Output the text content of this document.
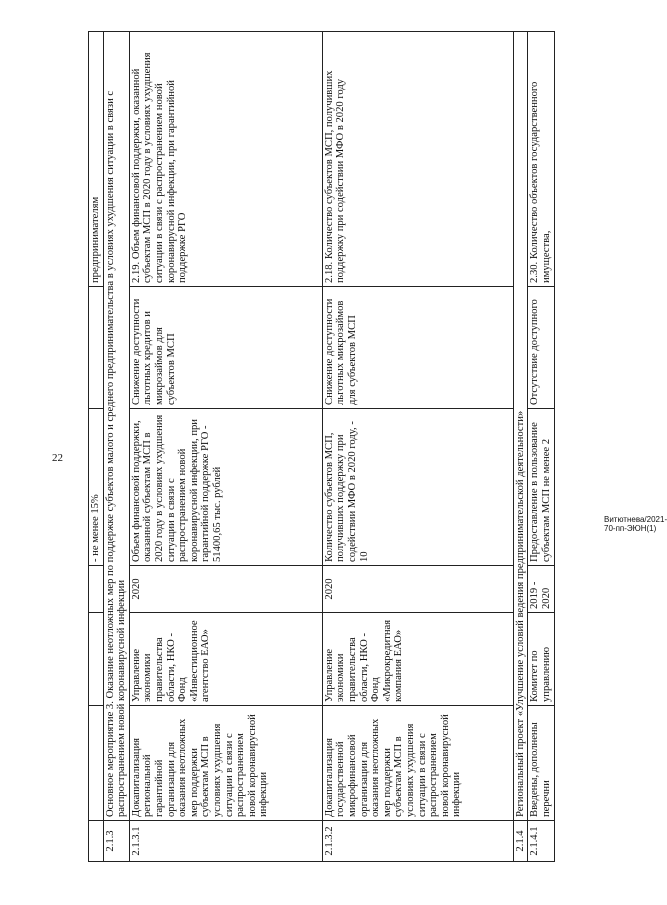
22
Витютнева/2021-70-пп-ЭЮН(1)
				- не менее 15%		предпринимателям
2.1.3	Основное мероприятие 3. Оказание неотложных мер по поддержке субъектов малого и среднего предпринимательства в условиях ухудшения ситуации в связи с распространением новой коронавирусной инфекции					
2.1.3.1	Докапитализация региональной гарантийной организации для оказания неотложных мер поддержки субъектам МСП в условиях ухудшения ситуации в связи с распространением новой коронавирусной инфекции	Управление экономики правительства области, НКО - Фонд «Инвестиционное агентство ЕАО»	2020	Объем финансовой поддержки, оказанной субъектам МСП в 2020 году в условиях ухудшения ситуации в связи с распространением новой коронавирусной инфекции, при гарантийной поддержке РГО - 51400,65 тыс. рублей	Снижение доступности льготных кредитов и микрозаймов для субъектов МСП	2.19. Объем финансовой поддержки, оказанной субъектам МСП в 2020 году в условиях ухудшения ситуации в связи с распространением новой коронавирусной инфекции, при гарантийной поддержке РГО
2.1.3.2	Докапитализация государственной микрофинансовой организации для оказания неотложных мер поддержки субъектам МСП в условиях ухудшения ситуации в связи с распространением новой коронавирусной инфекции	Управление экономики правительства области, НКО - Фонд «Микрокредитная компания ЕАО»	2020	Количество субъектов МСП, получивших поддержку при содействии МФО в 2020 году, - 10	Снижение доступности льготных микрозаймов для субъектов МСП	2.18. Количество субъектов МСП, получивших поддержку при содействии МФО в 2020 году
2.1.4	Региональный проект «Улучшение условий ведения предпринимательской деятельности»					
2.1.4.1	Введены, дополнены перечни	Комитет по управлению	2019 - 2020	Предоставление в пользование субъектам МСП не менее 2	Отсутствие доступного	2.30. Количество объектов государственного имущества,
